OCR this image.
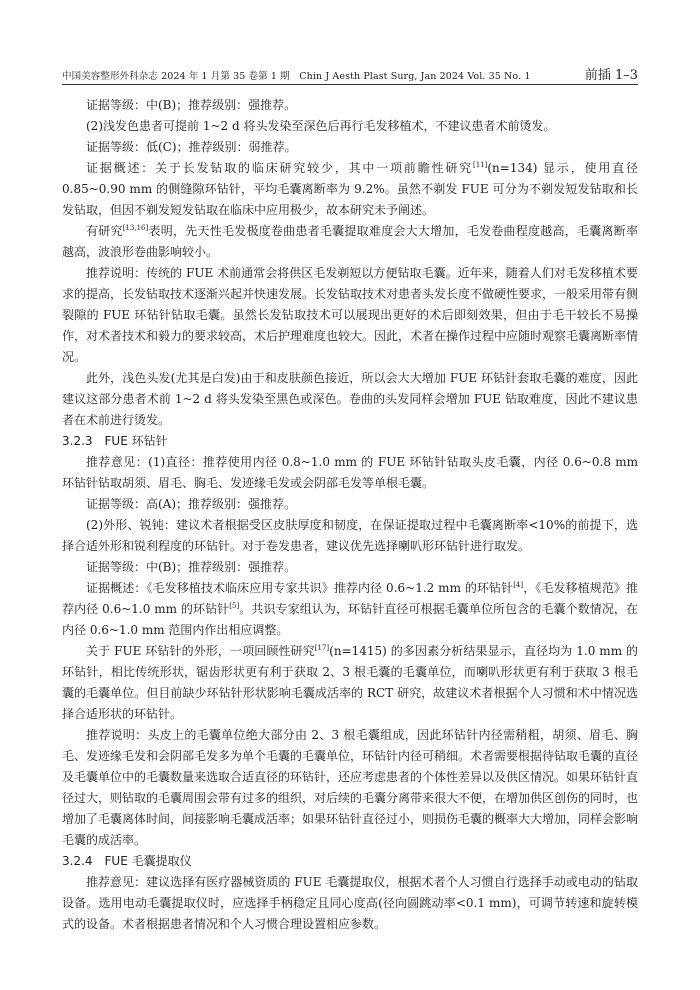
中国美容整形外科杂志 2024 年 1 月第 35 卷第 1 期　Chin J Aesth Plast Surg, Jan 2024 Vol. 35 No. 1	前插 1–3

证据等级：中(B)；推荐级别：强推荐。

(2)浅发色患者可提前 1~2 d 将头发染至深色后再行毛发移植术，不建议患者术前烫发。

证据等级：低(C)；推荐级别：弱推荐。

证据概述：关于长发钻取的临床研究较少，其中一项前瞻性研究[11](n=134) 显示，使用直径 0.85~0.90 mm 的侧缝隙环钻针，平均毛囊离断率为 9.2%。虽然不剃发 FUE 可分为不剃发短发钻取和长发钻取，但因不剃发短发钻取在临床中应用极少，故本研究未予阐述。

有研究[13,16]表明，先天性毛发极度卷曲患者毛囊提取难度会大大增加，毛发卷曲程度越高，毛囊离断率越高，波浪形卷曲影响较小。

推荐说明：传统的 FUE 术前通常会将供区毛发剃短以方便钻取毛囊。近年来，随着人们对毛发移植术要求的提高，长发钻取技术逐渐兴起并快速发展。长发钻取技术对患者头发长度不做硬性要求，一般采用带有侧裂隙的 FUE 环钻针钻取毛囊。虽然长发钻取技术可以展现出更好的术后即刻效果，但由于毛干较长不易操作，对术者技术和毅力的要求较高，术后护理难度也较大。因此，术者在操作过程中应随时观察毛囊离断率情况。

此外，浅色头发(尤其是白发)由于和皮肤颜色接近，所以会大大增加 FUE 环钻针套取毛囊的难度，因此建议这部分患者术前 1~2 d 将头发染至黑色或深色。卷曲的头发同样会增加 FUE 钻取难度，因此不建议患者在术前进行烫发。

3.2.3　FUE 环钻针

推荐意见：(1)直径：推荐使用内径 0.8~1.0 mm 的 FUE 环钻针钻取头皮毛囊，内径 0.6~0.8 mm 环钻针钻取胡须、眉毛、胸毛、发迹缘毛发或会阴部毛发等单根毛囊。

证据等级：高(A)；推荐级别：强推荐。

(2)外形、锐钝：建议术者根据受区皮肤厚度和韧度，在保证提取过程中毛囊离断率<10%的前提下，选择合适外形和锐利程度的环钻针。对于卷发患者，建议优先选择喇叭形环钻针进行取发。

证据等级：中(B)；推荐级别：强推荐。

证据概述：《毛发移植技术临床应用专家共识》推荐内径 0.6~1.2 mm 的环钻针[4]，《毛发移植规范》推荐内径 0.6~1.0 mm 的环钻针[5]。共识专家组认为，环钻针直径可根据毛囊单位所包含的毛囊个数情况，在内径 0.6~1.0 mm 范围内作出相应调整。

关于 FUE 环钻针的外形，一项回顾性研究[17](n=1415) 的多因素分析结果显示，直径均为 1.0 mm 的环钻针，相比传统形状，锯齿形状更有利于获取 2、3 根毛囊的毛囊单位，而喇叭形状更有利于获取 3 根毛囊的毛囊单位。但目前缺少环钻针形状影响毛囊成活率的 RCT 研究，故建议术者根据个人习惯和术中情况选择合适形状的环钻针。

推荐说明：头皮上的毛囊单位绝大部分由 2、3 根毛囊组成，因此环钻针内径需稍粗，胡须、眉毛、胸毛、发迹缘毛发和会阴部毛发多为单个毛囊的毛囊单位，环钻针内径可稍细。术者需要根据待钻取毛囊的直径及毛囊单位中的毛囊数量来选取合适直径的环钻针，还应考虑患者的个体性差异以及供区情况。如果环钻针直径过大，则钻取的毛囊周围会带有过多的组织，对后续的毛囊分离带来很大不便，在增加供区创伤的同时，也增加了毛囊离体时间，间接影响毛囊成活率；如果环钻针直径过小，则损伤毛囊的概率大大增加，同样会影响毛囊的成活率。

3.2.4　FUE 毛囊提取仪

推荐意见：建议选择有医疗器械资质的 FUE 毛囊提取仪，根据术者个人习惯自行选择手动或电动的钻取设备。选用电动毛囊提取仪时，应选择手柄稳定且同心度高(径向圆跳动率<0.1 mm)，可调节转速和旋转模式的设备。术者根据患者情况和个人习惯合理设置相应参数。
